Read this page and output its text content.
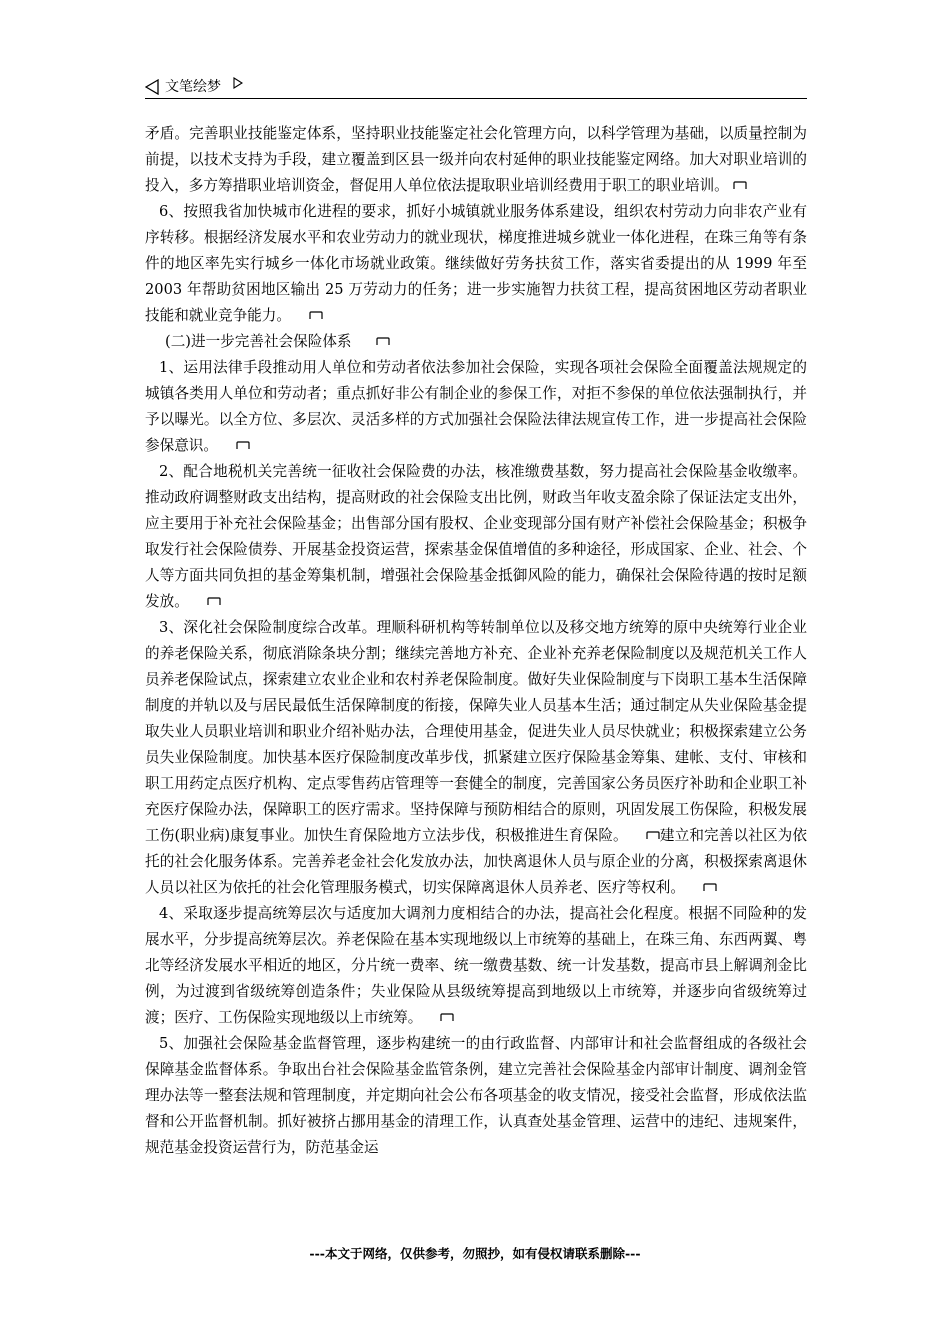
文笔绘梦

矛盾。完善职业技能鉴定体系，坚持职业技能鉴定社会化管理方向，以科学管理为基础，以质量控制为前提，以技术支持为手段，建立覆盖到区县一级并向农村延伸的职业技能鉴定网络。加大对职业培训的投入，多方筹措职业培训资金，督促用人单位依法提取职业培训经费用于职工的职业培训。

6、按照我省加快城市化进程的要求，抓好小城镇就业服务体系建设，组织农村劳动力向非农产业有序转移。根据经济发展水平和农业劳动力的就业现状，梯度推进城乡就业一体化进程，在珠三角等有条件的地区率先实行城乡一体化市场就业政策。继续做好劳务扶贫工作，落实省委提出的从 1999 年至 2003 年帮助贫困地区输出 25 万劳动力的任务；进一步实施智力扶贫工程，提高贫困地区劳动者职业技能和就业竞争能力。

(二)进一步完善社会保险体系

1、运用法律手段推动用人单位和劳动者依法参加社会保险，实现各项社会保险全面覆盖法规规定的城镇各类用人单位和劳动者；重点抓好非公有制企业的参保工作，对拒不参保的单位依法强制执行，并予以曝光。以全方位、多层次、灵活多样的方式加强社会保险法律法规宣传工作，进一步提高社会保险参保意识。

2、配合地税机关完善统一征收社会保险费的办法，核准缴费基数，努力提高社会保险基金收缴率。推动政府调整财政支出结构，提高财政的社会保险支出比例，财政当年收支盈余除了保证法定支出外，应主要用于补充社会保险基金；出售部分国有股权、企业变现部分国有财产补偿社会保险基金；积极争取发行社会保险债券、开展基金投资运营，探索基金保值增值的多种途径，形成国家、企业、社会、个人等方面共同负担的基金筹集机制，增强社会保险基金抵御风险的能力，确保社会保险待遇的按时足额发放。

3、深化社会保险制度综合改革。理顺科研机构等转制单位以及移交地方统筹的原中央统筹行业企业的养老保险关系，彻底消除条块分割；继续完善地方补充、企业补充养老保险制度以及规范机关工作人员养老保险试点，探索建立农业企业和农村养老保险制度。做好失业保险制度与下岗职工基本生活保障制度的并轨以及与居民最低生活保障制度的衔接，保障失业人员基本生活；通过制定从失业保险基金提取失业人员职业培训和职业介绍补贴办法，合理使用基金，促进失业人员尽快就业；积极探索建立公务员失业保险制度。加快基本医疗保险制度改革步伐，抓紧建立医疗保险基金筹集、建帐、支付、审核和职工用药定点医疗机构、定点零售药店管理等一套健全的制度，完善国家公务员医疗补助和企业职工补充医疗保险办法，保障职工的医疗需求。坚持保障与预防相结合的原则，巩固发展工伤保险，积极发展工伤(职业病)康复事业。加快生育保险地方立法步伐，积极推进生育保险。 建立和完善以社区为依托的社会化服务体系。完善养老金社会化发放办法，加快离退休人员与原企业的分离，积极探索离退休人员以社区为依托的社会化管理服务模式，切实保障离退休人员养老、医疗等权利。

4、采取逐步提高统筹层次与适度加大调剂力度相结合的办法，提高社会化程度。根据不同险种的发展水平，分步提高统筹层次。养老保险在基本实现地级以上市统筹的基础上，在珠三角、东西两翼、粤北等经济发展水平相近的地区，分片统一费率、统一缴费基数、统一计发基数，提高市县上解调剂金比例，为过渡到省级统筹创造条件；失业保险从县级统筹提高到地级以上市统筹，并逐步向省级统筹过渡；医疗、工伤保险实现地级以上市统筹。

5、加强社会保险基金监督管理，逐步构建统一的由行政监督、内部审计和社会监督组成的各级社会保障基金监督体系。争取出台社会保险基金监管条例，建立完善社会保险基金内部审计制度、调剂金管理办法等一整套法规和管理制度，并定期向社会公布各项基金的收支情况，接受社会监督，形成依法监督和公开监督机制。抓好被挤占挪用基金的清理工作，认真查处基金管理、运营中的违纪、违规案件，规范基金投资运营行为，防范基金运

---本文于网络，仅供参考，勿照抄，如有侵权请联系删除---
